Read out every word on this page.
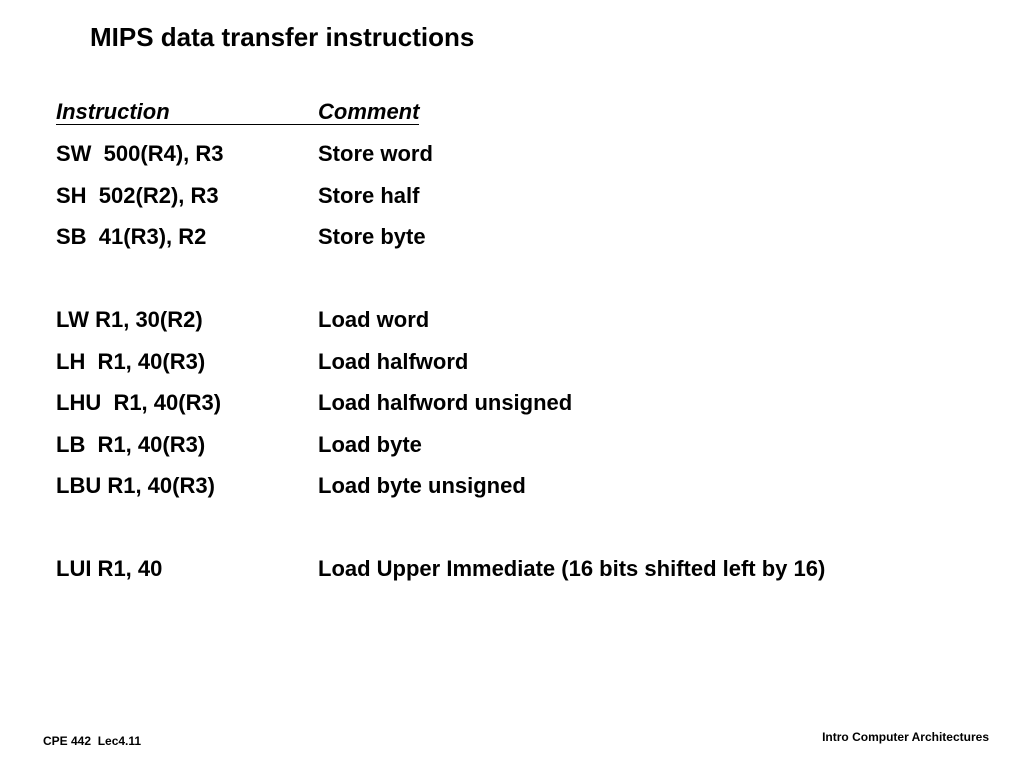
MIPS data transfer instructions
Instruction	Comment
SW  500(R4), R3	Store word
SH  502(R2), R3	Store half
SB  41(R3), R2	Store byte
LW R1, 30(R2)	Load word
LH  R1, 40(R3)	Load halfword
LHU  R1, 40(R3)	Load halfword unsigned
LB  R1, 40(R3)	Load byte
LBU R1, 40(R3)	Load byte unsigned
LUI R1, 40	Load Upper Immediate (16 bits shifted left by 16)
CPE 442  Lec4.11	Intro Computer Architectures
